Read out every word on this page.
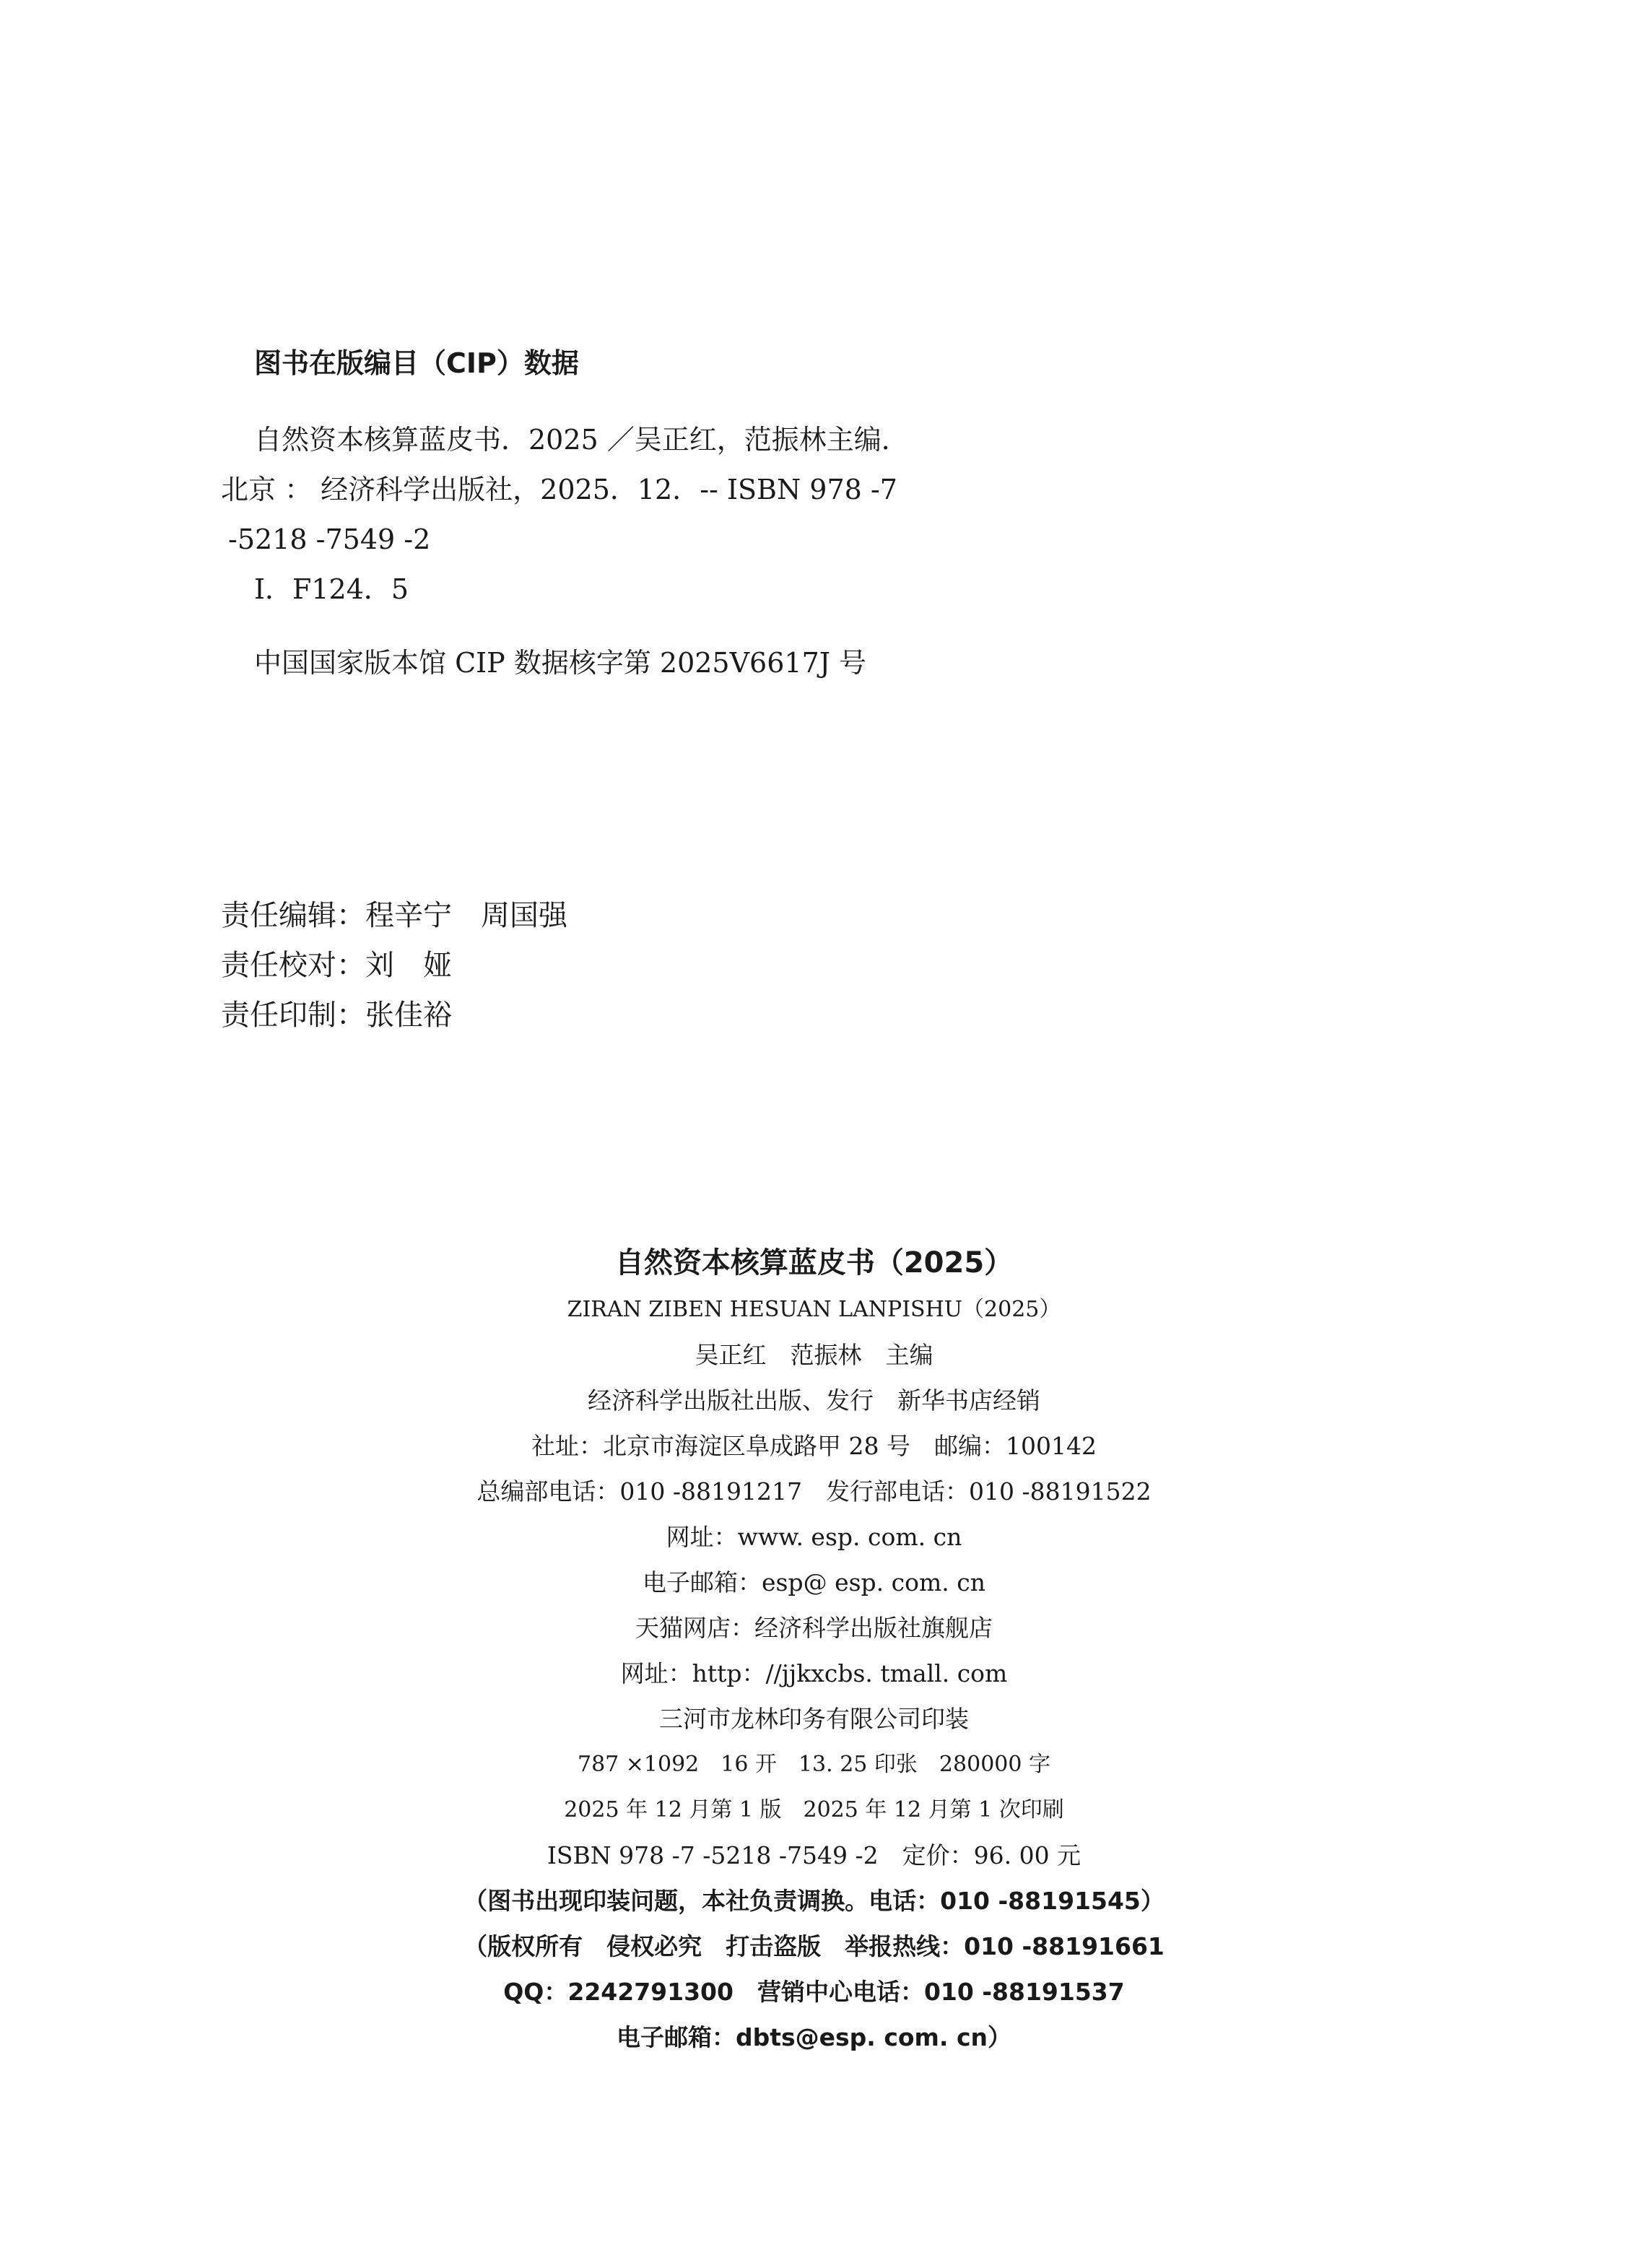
图书在版编目（CIP）数据
自然资本核算蓝皮书．2025 ／吴正红，范振林主编．
北京 ： 经济科学出版社，2025．12．-- ISBN 978 -7
-5218 -7549 -2
Ⅰ．F124．5
中国国家版本馆 CIP 数据核字第 2025V6617J 号
责任编辑：程辛宁　周国强
责任校对：刘　娅
责任印制：张佳裕
自然资本核算蓝皮书（2025）
ZIRAN ZIBEN HESUAN LANPISHU（2025）
吴正红　范振林　主编
经济科学出版社出版、发行　新华书店经销
社址：北京市海淀区阜成路甲 28 号　邮编：100142
总编部电话：010 -88191217　发行部电话：010 -88191522
网址：www. esp. com. cn
电子邮箱：esp@ esp. com. cn
天猫网店：经济科学出版社旗舰店
网址：http：//jjkxcbs. tmall. com
三河市龙林印务有限公司印装
787 ×1092　16 开　13. 25 印张　280000 字
2025 年 12 月第 1 版　2025 年 12 月第 1 次印刷
ISBN 978 -7 -5218 -7549 -2　定价：96. 00 元
（图书出现印装问题，本社负责调换。电话：010 -88191545）
（版权所有　侵权必究　打击盗版　举报热线：010 -88191661
QQ：2242791300　营销中心电话：010 -88191537
电子邮箱：dbts@esp. com. cn）
